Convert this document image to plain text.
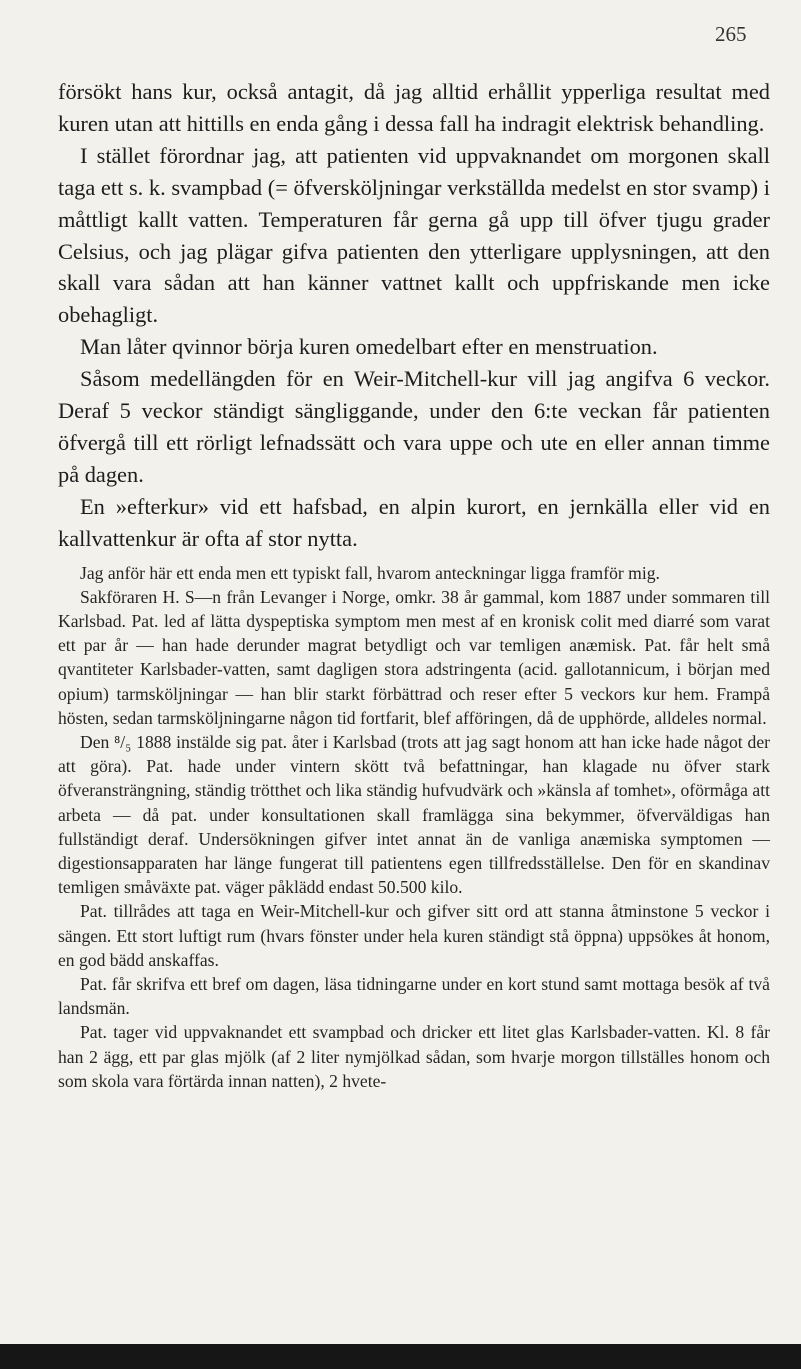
265

försökt hans kur, också antagit, då jag alltid erhållit ypperliga resultat med kuren utan att hittills en enda gång i dessa fall ha indragit elektrisk behandling.

I stället förordnar jag, att patienten vid uppvaknandet om morgonen skall taga ett s. k. svampbad (= öfversköljningar verkställda medelst en stor svamp) i måttligt kallt vatten. Temperaturen får gerna gå upp till öfver tjugu grader Celsius, och jag plägar gifva patienten den ytterligare upplysningen, att den skall vara sådan att han känner vattnet kallt och uppfriskande men icke obehagligt.

Man låter qvinnor börja kuren omedelbart efter en menstruation.

Såsom medellängden för en Weir-Mitchell-kur vill jag angifva 6 veckor. Deraf 5 veckor ständigt sängliggande, under den 6:te veckan får patienten öfvergå till ett rörligt lefnadssätt och vara uppe och ute en eller annan timme på dagen.

En »efterkur» vid ett hafsbad, en alpin kurort, en jernkälla eller vid en kallvattenkur är ofta af stor nytta.

Jag anför här ett enda men ett typiskt fall, hvarom anteckningar ligga framför mig.

Sakföraren H. S—n från Levanger i Norge, omkr. 38 år gammal, kom 1887 under sommaren till Karlsbad. Pat. led af lätta dyspeptiska symptom men mest af en kronisk colit med diarré som varat ett par år — han hade derunder magrat betydligt och var temligen anæmisk. Pat. får helt små qvantiteter Karlsbader-vatten, samt dagligen stora adstringenta (acid. gallotannicum, i början med opium) tarmsköljningar — han blir starkt förbättrad och reser efter 5 veckors kur hem. Frampå hösten, sedan tarmsköljningarne någon tid fortfarit, blef afföringen, då de upphörde, alldeles normal.

Den ⁸/₅ 1888 instälde sig pat. åter i Karlsbad (trots att jag sagt honom att han icke hade något der att göra). Pat. hade under vintern skött två befattningar, han klagade nu öfver stark öfveransträngning, ständig trötthet och lika ständig hufvudvärk och »känsla af tomhet», oförmåga att arbeta — då pat. under konsultationen skall framlägga sina bekymmer, öfverväldigas han fullständigt deraf. Undersökningen gifver intet annat än de vanliga anæmiska symptomen — digestionsapparaten har länge fungerat till patientens egen tillfredsställelse. Den för en skandinav temligen småväxte pat. väger påklädd endast 50.500 kilo.

Pat. tillrådes att taga en Weir-Mitchell-kur och gifver sitt ord att stanna åtminstone 5 veckor i sängen. Ett stort luftigt rum (hvars fönster under hela kuren ständigt stå öppna) uppsökes åt honom, en god bädd anskaffas.

Pat. får skrifva ett bref om dagen, läsa tidningarne under en kort stund samt mottaga besök af två landsmän.

Pat. tager vid uppvaknandet ett svampbad och dricker ett litet glas Karlsbader-vatten. Kl. 8 får han 2 ägg, ett par glas mjölk (af 2 liter nymjölkad sådan, som hvarje morgon tillställes honom och som skola vara förtärda innan natten), 2 hvete-
